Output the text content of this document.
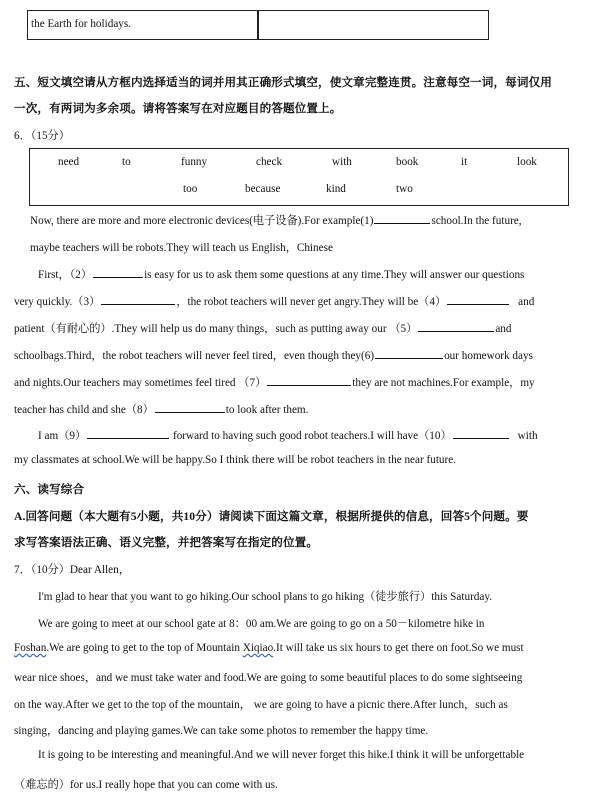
the Earth for holidays.
五、短文填空请从方框内选择适当的词并用其正确形式填空，使文章完整连贯。注意每空一词，每词仅用
一次，有两词为多余项。请将答案写在对应题目的答题位置上。
6．（15分）
need	to	funny	check	with	book	it	look
too	because	kind	two
Now, there are more and more electronic devices(电子设备).For example(1)	school.In the future,
maybe teachers will be robots.They will teach us English，Chinese
First，（2）	is easy for us to ask them some questions at any time.They will answer our questions
very quickly.（3）	，the robot teachers will never get angry.They will be（4）	and
patient（有耐心的）.They will help us do many things，such as putting away our （5）	and
schoolbags.Third，the robot teachers will never feel tired，even though they(6)	our homework days
and nights.Our teachers may sometimes feel tired （7）	they are not machines.For example，my
teacher has child and she（8）	to look after them.
I am（9）	forward to having such good robot teachers.I will have（10）	with
my classmates at school.We will be happy.So I think there will be robot teachers in the near future.
六、读写综合
A.回答问题（本大题有5小题，共10分）请阅读下面这篇文章，根据所提供的信息，回答5个问题。要
求写答案语法正确、语义完整，并把答案写在指定的位置。
7．（10分）Dear Allen，
I'm glad to hear that you want to go hiking.Our school plans to go hiking（徒步旅行）this Saturday.
We are going to meet at our school gate at 8：00 am.We are going to go on a 50－kilometre hike in
Foshan.We are going to get to the top of Mountain Xiqiao.It will take us six hours to get there on foot.So we must
wear nice shoes，and we must take water and food.We are going to some beautiful places to do some sightseeing
on the way.After we get to the top of the mountain， we are going to have a picnic there.After lunch，such as
singing，dancing and playing games.We can take some photos to remember the happy time.
It is going to be interesting and meaningful.And we will never forget this hike.I think it will be unforgettable
（难忘的）for us.I really hope that you can come with us.
